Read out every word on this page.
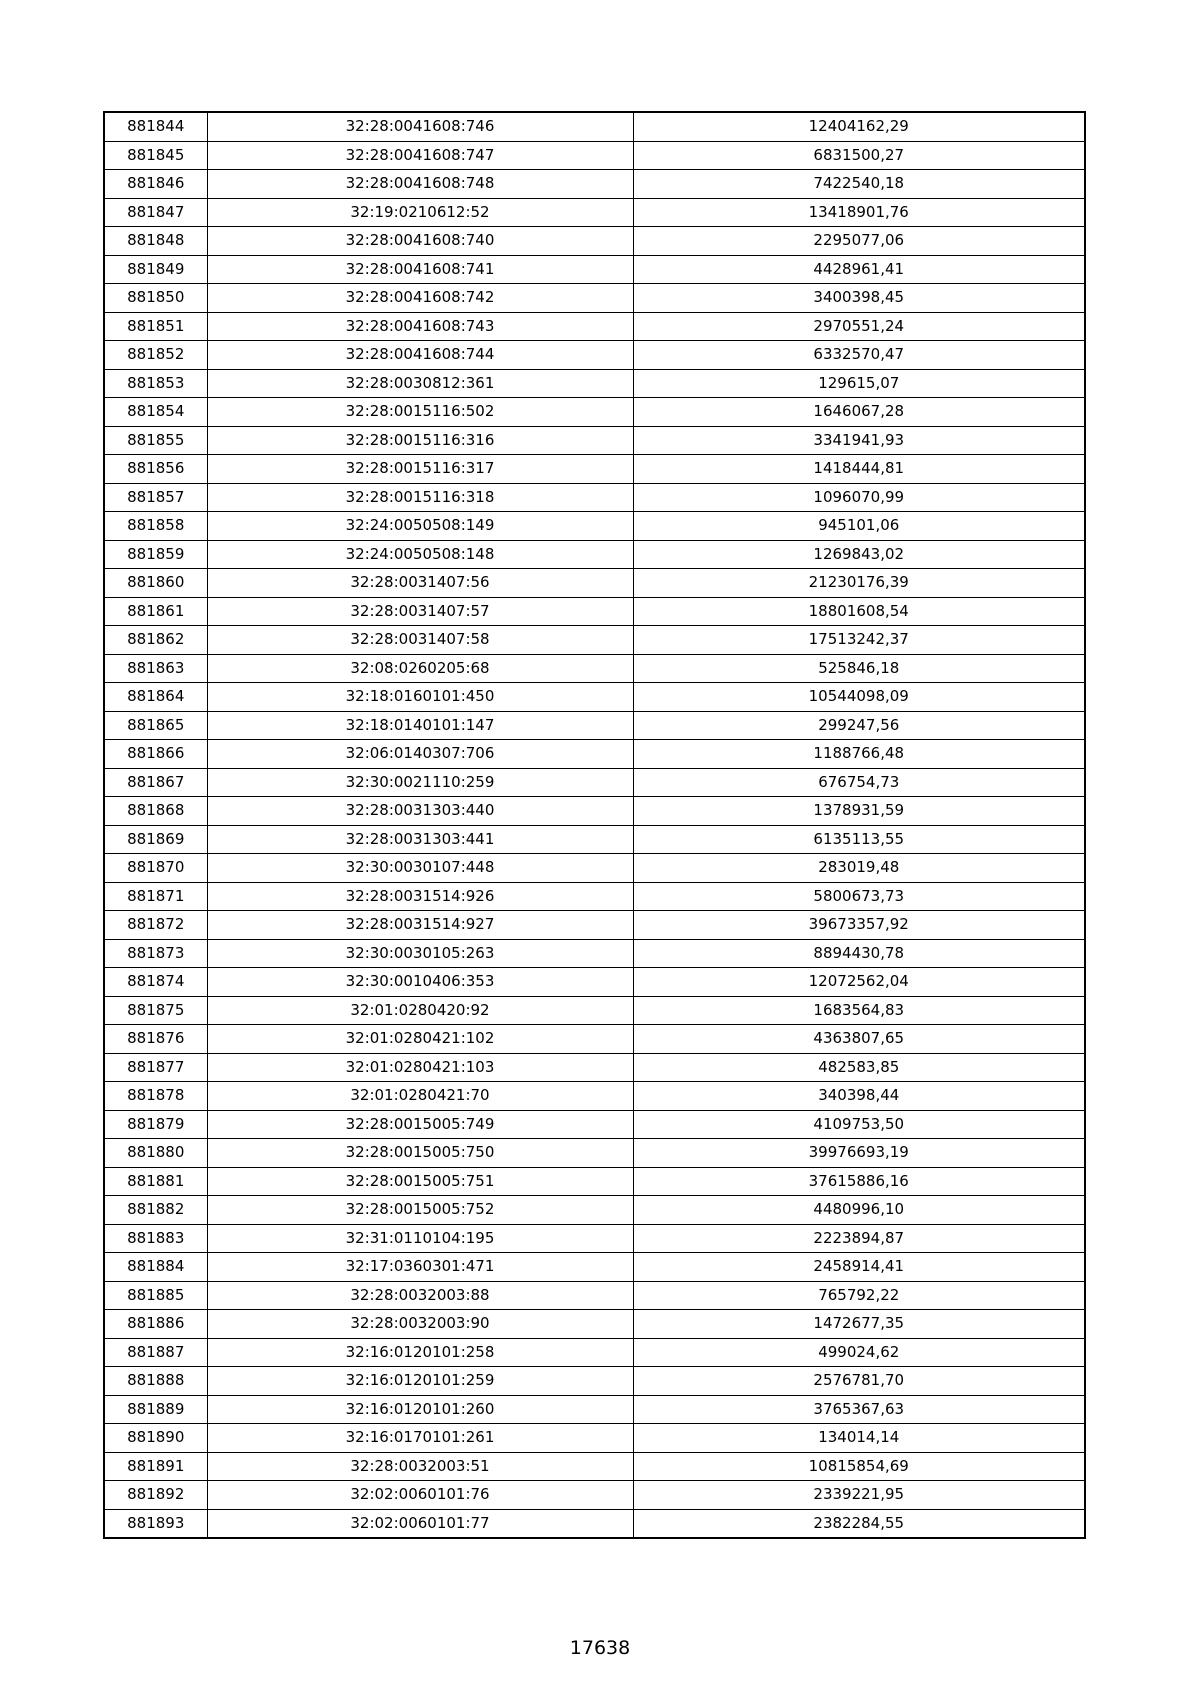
881844	32:28:0041608:746	12404162,29
881845	32:28:0041608:747	6831500,27
881846	32:28:0041608:748	7422540,18
881847	32:19:0210612:52	13418901,76
881848	32:28:0041608:740	2295077,06
881849	32:28:0041608:741	4428961,41
881850	32:28:0041608:742	3400398,45
881851	32:28:0041608:743	2970551,24
881852	32:28:0041608:744	6332570,47
881853	32:28:0030812:361	129615,07
881854	32:28:0015116:502	1646067,28
881855	32:28:0015116:316	3341941,93
881856	32:28:0015116:317	1418444,81
881857	32:28:0015116:318	1096070,99
881858	32:24:0050508:149	945101,06
881859	32:24:0050508:148	1269843,02
881860	32:28:0031407:56	21230176,39
881861	32:28:0031407:57	18801608,54
881862	32:28:0031407:58	17513242,37
881863	32:08:0260205:68	525846,18
881864	32:18:0160101:450	10544098,09
881865	32:18:0140101:147	299247,56
881866	32:06:0140307:706	1188766,48
881867	32:30:0021110:259	676754,73
881868	32:28:0031303:440	1378931,59
881869	32:28:0031303:441	6135113,55
881870	32:30:0030107:448	283019,48
881871	32:28:0031514:926	5800673,73
881872	32:28:0031514:927	39673357,92
881873	32:30:0030105:263	8894430,78
881874	32:30:0010406:353	12072562,04
881875	32:01:0280420:92	1683564,83
881876	32:01:0280421:102	4363807,65
881877	32:01:0280421:103	482583,85
881878	32:01:0280421:70	340398,44
881879	32:28:0015005:749	4109753,50
881880	32:28:0015005:750	39976693,19
881881	32:28:0015005:751	37615886,16
881882	32:28:0015005:752	4480996,10
881883	32:31:0110104:195	2223894,87
881884	32:17:0360301:471	2458914,41
881885	32:28:0032003:88	765792,22
881886	32:28:0032003:90	1472677,35
881887	32:16:0120101:258	499024,62
881888	32:16:0120101:259	2576781,70
881889	32:16:0120101:260	3765367,63
881890	32:16:0170101:261	134014,14
881891	32:28:0032003:51	10815854,69
881892	32:02:0060101:76	2339221,95
881893	32:02:0060101:77	2382284,55
17638
